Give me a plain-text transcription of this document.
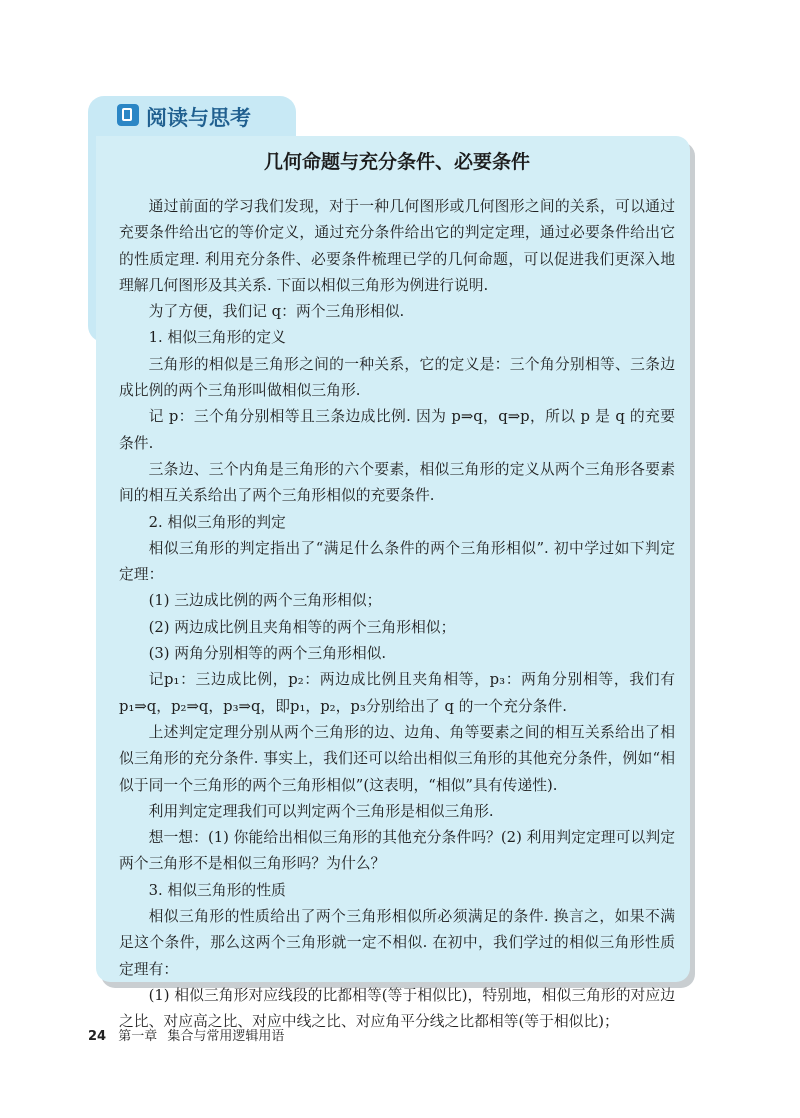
阅读与思考
几何命题与充分条件、必要条件

通过前面的学习我们发现，对于一种几何图形或几何图形之间的关系，可以通过充要条件给出它的等价定义，通过充分条件给出它的判定定理，通过必要条件给出它的性质定理. 利用充分条件、必要条件梳理已学的几何命题，可以促进我们更深入地理解几何图形及其关系. 下面以相似三角形为例进行说明.

为了方便，我们记 q：两个三角形相似.

1. 相似三角形的定义

三角形的相似是三角形之间的一种关系，它的定义是：三个角分别相等、三条边成比例的两个三角形叫做相似三角形.

记 p：三个角分别相等且三条边成比例. 因为 p⇒q，q⇒p，所以 p 是 q 的充要条件.

三条边、三个内角是三角形的六个要素，相似三角形的定义从两个三角形各要素间的相互关系给出了两个三角形相似的充要条件.

2. 相似三角形的判定

相似三角形的判定指出了“满足什么条件的两个三角形相似”. 初中学过如下判定定理：

(1) 三边成比例的两个三角形相似；

(2) 两边成比例且夹角相等的两个三角形相似；

(3) 两角分别相等的两个三角形相似.

记p₁：三边成比例，p₂：两边成比例且夹角相等，p₃：两角分别相等，我们有p₁⇒q，p₂⇒q，p₃⇒q，即p₁，p₂，p₃分别给出了 q 的一个充分条件.

上述判定定理分别从两个三角形的边、边角、角等要素之间的相互关系给出了相似三角形的充分条件. 事实上，我们还可以给出相似三角形的其他充分条件，例如“相似于同一个三角形的两个三角形相似”(这表明，“相似”具有传递性).

利用判定定理我们可以判定两个三角形是相似三角形.

想一想：(1) 你能给出相似三角形的其他充分条件吗？(2) 利用判定定理可以判定两个三角形不是相似三角形吗？为什么？

3. 相似三角形的性质

相似三角形的性质给出了两个三角形相似所必须满足的条件. 换言之，如果不满足这个条件，那么这两个三角形就一定不相似. 在初中，我们学过的相似三角形性质定理有：

(1) 相似三角形对应线段的比都相等(等于相似比)，特别地，相似三角形的对应边之比、对应高之比、对应中线之比、对应角平分线之比都相等(等于相似比)；

24 第一章 集合与常用逻辑用语
